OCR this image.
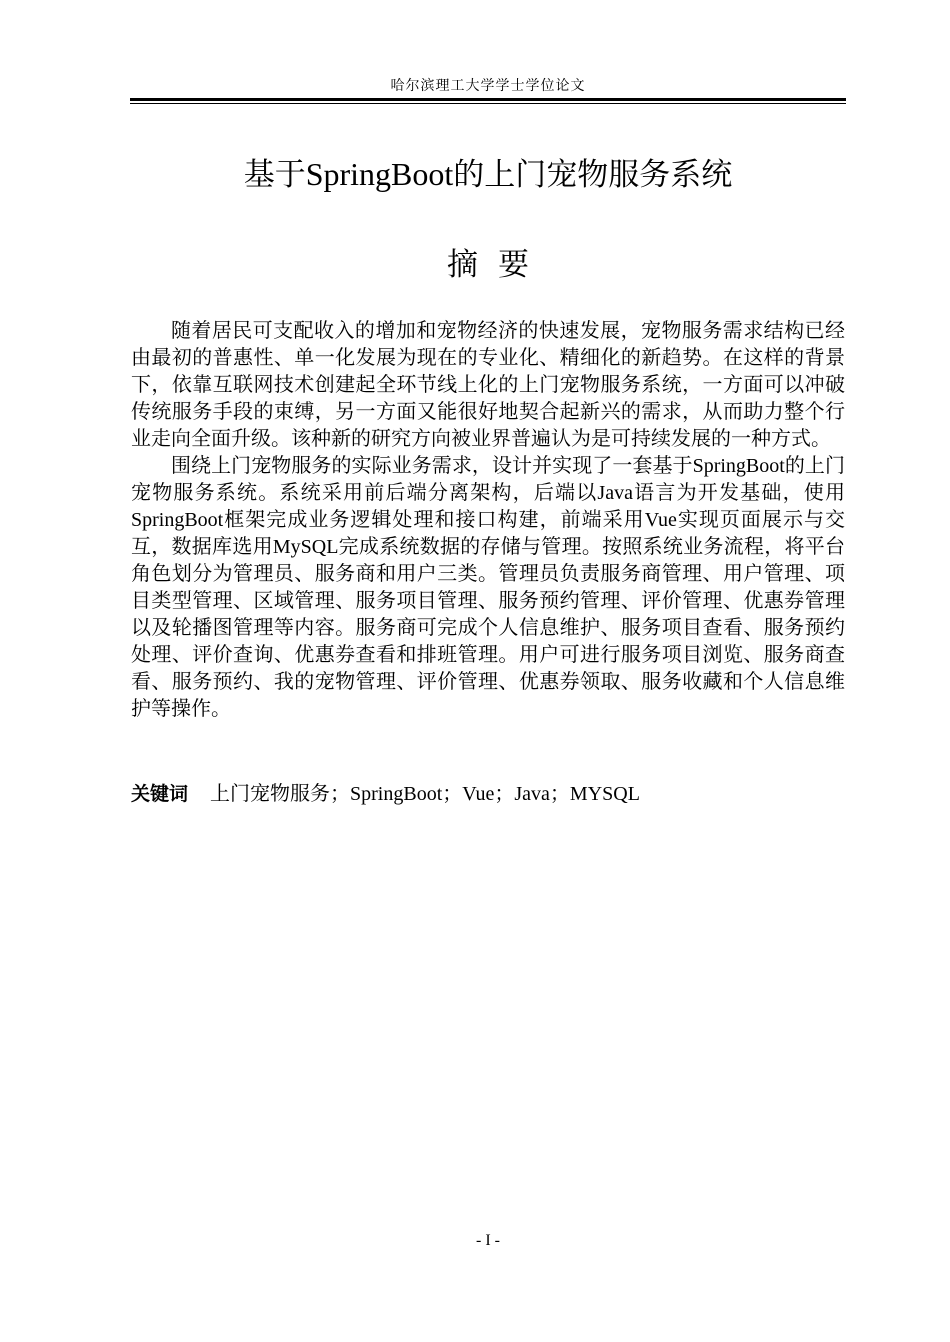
哈尔滨理工大学学士学位论文
基于SpringBoot的上门宠物服务系统
摘要

随着居民可支配收入的增加和宠物经济的快速发展，宠物服务需求结构已经由最初的普惠性、单一化发展为现在的专业化、精细化的新趋势。在这样的背景下，依靠互联网技术创建起全环节线上化的上门宠物服务系统，一方面可以冲破传统服务手段的束缚，另一方面又能很好地契合起新兴的需求，从而助力整个行业走向全面升级。该种新的研究方向被业界普遍认为是可持续发展的一种方式。

围绕上门宠物服务的实际业务需求，设计并实现了一套基于SpringBoot的上门宠物服务系统。系统采用前后端分离架构，后端以Java语言为开发基础，使用SpringBoot框架完成业务逻辑处理和接口构建，前端采用Vue实现页面展示与交互，数据库选用MySQL完成系统数据的存储与管理。按照系统业务流程，将平台角色划分为管理员、服务商和用户三类。管理员负责服务商管理、用户管理、项目类型管理、区域管理、服务项目管理、服务预约管理、评价管理、优惠券管理以及轮播图管理等内容。服务商可完成个人信息维护、服务项目查看、服务预约处理、评价查询、优惠券查看和排班管理。用户可进行服务项目浏览、服务商查看、服务预约、我的宠物管理、评价管理、优惠券领取、服务收藏和个人信息维护等操作。

关键词 上门宠物服务；SpringBoot；Vue；Java；MYSQL
- I -
